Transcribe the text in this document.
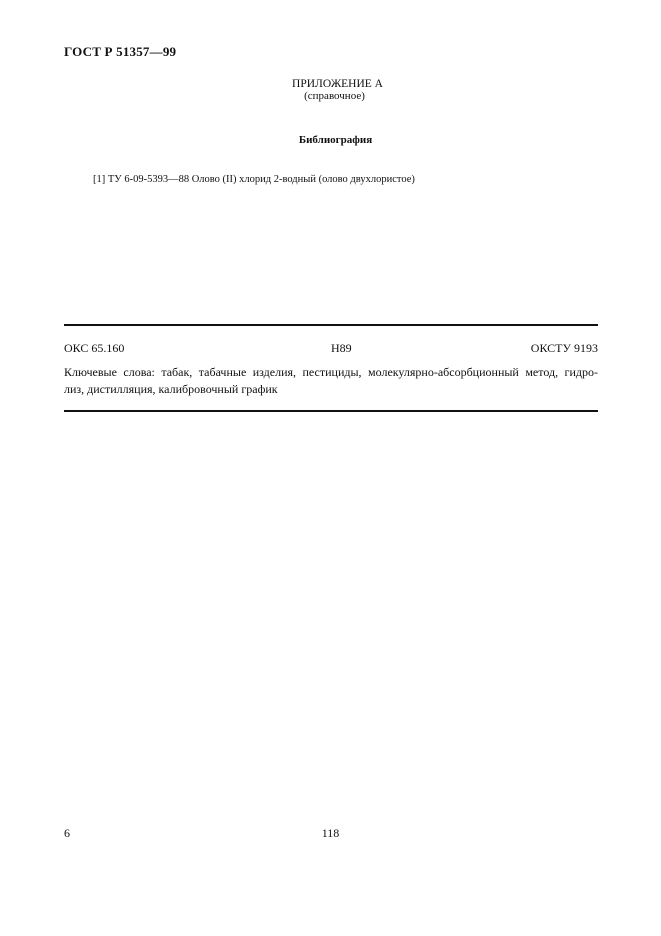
ГОСТ Р 51357—99
ПРИЛОЖЕНИЕ А
(справочное)
Библиография
[1] ТУ 6-09-5393—88 Олово (II) хлорид 2-водный (олово двухлористое)
ОКС 65.160	Н89	ОКСТУ 9193
Ключевые слова: табак, табачные изделия, пестициды, молекулярно-абсорбционный метод, гидро-
лиз, дистилляция, калибровочный график
6	118
